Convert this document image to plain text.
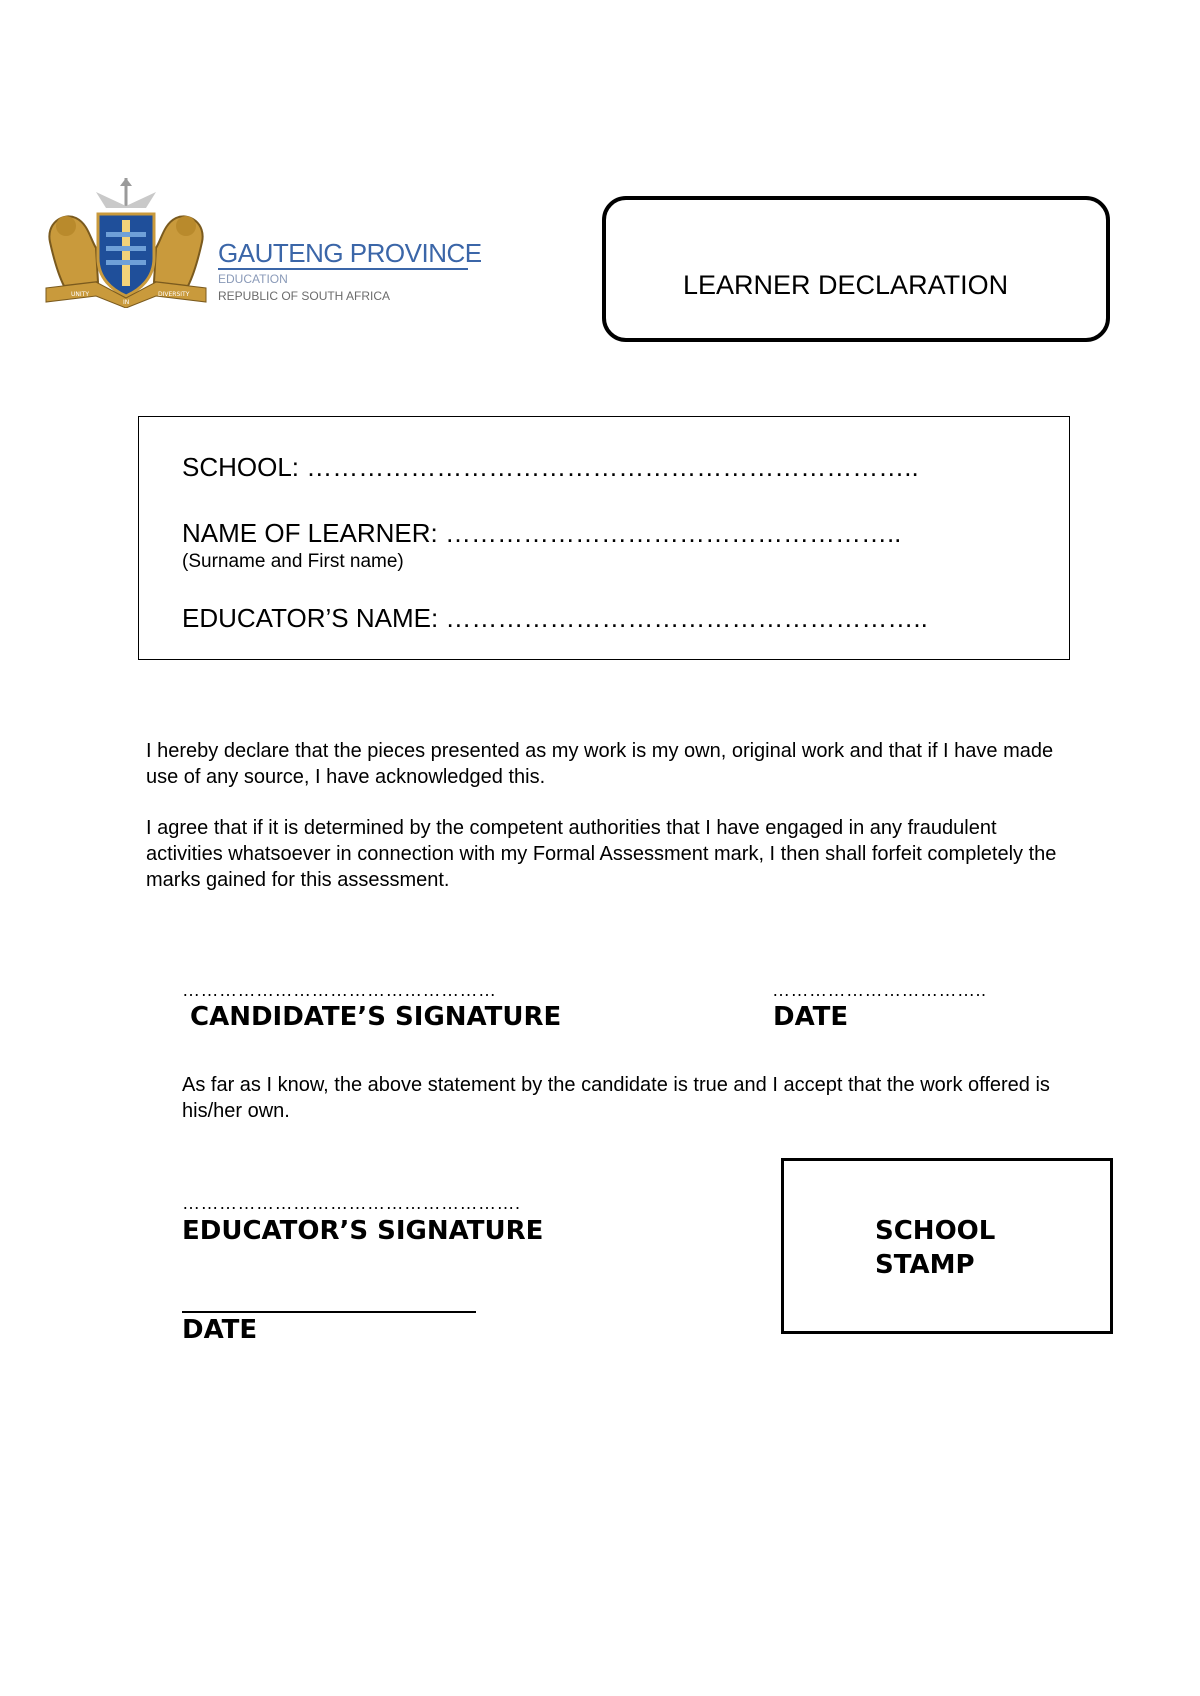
UNITY
IN
DIVERSITY
GAUTENG PROVINCE
EDUCATION
REPUBLIC OF SOUTH AFRICA	LEARNER DECLARATION
SCHOOL: ……………………………………………………………..
NAME OF LEARNER: ……………………………………………..
(Surname and First name)
EDUCATOR’S NAME: ………………………………………………..
I hereby declare that the pieces presented as my work is my own, original work and that if I have made use of any source, I have acknowledged this.
I agree that if it is determined by the competent authorities that I have engaged in any fraudulent activities whatsoever in connection with my Formal Assessment mark, I then shall forfeit completely the marks gained for this assessment.
……………………………………………
CANDIDATE’S SIGNATURE
……………………………..
DATE
As far as I know, the above statement by the candidate is true and I accept that the work offered is his/her own.
……………………………………………….
EDUCATOR’S SIGNATURE
DATE
SCHOOL
STAMP
